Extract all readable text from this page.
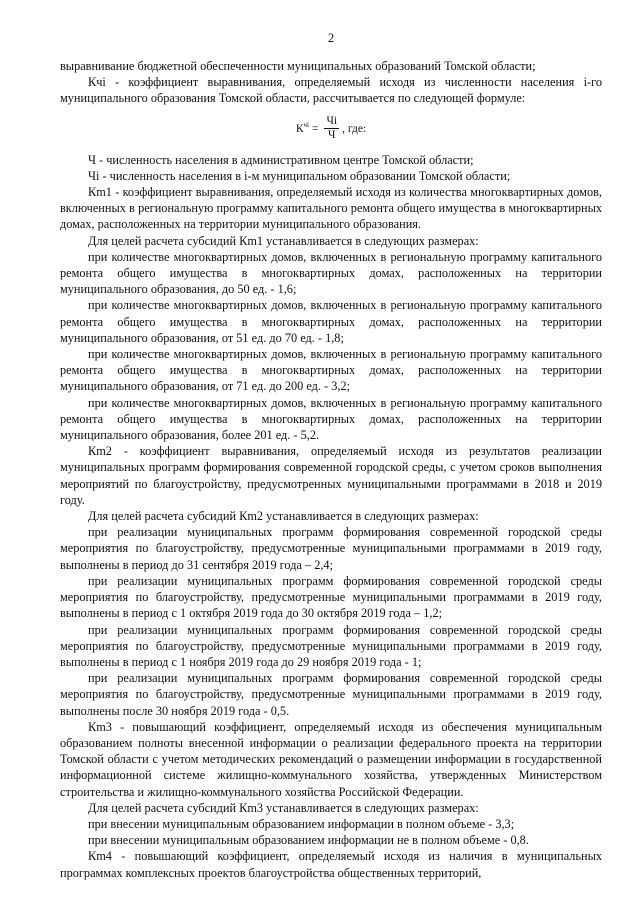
2

выравнивание бюджетной обеспеченности муниципальных образований Томской области;

Кчi - коэффициент выравнивания, определяемый исходя из численности населения i-го муниципального образования Томской области, рассчитывается по следующей формуле:

$К^{чi} = \frac{Чi}{Ч}$ , где:

Ч - численность населения в административном центре Томской области;

Чi - численность населения в i-м муниципальном образовании Томской области;

Кm1 - коэффициент выравнивания, определяемый исходя из количества многоквартирных домов, включенных в региональную программу капитального ремонта общего имущества в многоквартирных домах, расположенных на территории муниципального образования.

Для целей расчета субсидий Кm1 устанавливается в следующих размерах:

при количестве многоквартирных домов, включенных в региональную программу капитального ремонта общего имущества в многоквартирных домах, расположенных на территории муниципального образования, до 50 ед. - 1,6;

при количестве многоквартирных домов, включенных в региональную программу капитального ремонта общего имущества в многоквартирных домах, расположенных на территории муниципального образования, от 51 ед. до 70 ед. - 1,8;

при количестве многоквартирных домов, включенных в региональную программу капитального ремонта общего имущества в многоквартирных домах, расположенных на территории муниципального образования, от 71 ед. до 200 ед. - 3,2;

при количестве многоквартирных домов, включенных в региональную программу капитального ремонта общего имущества в многоквартирных домах, расположенных на территории муниципального образования, более 201 ед. - 5,2.

Кm2 - коэффициент выравнивания, определяемый исходя из результатов реализации муниципальных программ формирования современной городской среды, с учетом сроков выполнения мероприятий по благоустройству, предусмотренных муниципальными программами в 2018 и 2019 году.

Для целей расчета субсидий Кm2 устанавливается в следующих размерах:

при реализации муниципальных программ формирования современной городской среды мероприятия по благоустройству, предусмотренные муниципальными программами в 2019 году, выполнены в период до 31 сентября 2019 года – 2,4;

при реализации муниципальных программ формирования современной городской среды мероприятия по благоустройству, предусмотренные муниципальными программами в 2019 году, выполнены в период с 1 октября 2019 года до 30 октября 2019 года – 1,2;

при реализации муниципальных программ формирования современной городской среды мероприятия по благоустройству, предусмотренные муниципальными программами в 2019 году, выполнены в период с 1 ноября 2019 года до 29 ноября 2019 года - 1;

при реализации муниципальных программ формирования современной городской среды мероприятия по благоустройству, предусмотренные муниципальными программами в 2019 году, выполнены после 30 ноября 2019 года - 0,5.

Кm3 - повышающий коэффициент, определяемый исходя из обеспечения муниципальным образованием полноты внесенной информации о реализации федерального проекта на территории Томской области с учетом методических рекомендаций о размещении информации в государственной информационной системе жилищно-коммунального хозяйства, утвержденных Министерством строительства и жилищно-коммунального хозяйства Российской Федерации.

Для целей расчета субсидий Кm3 устанавливается в следующих размерах:

при внесении муниципальным образованием информации в полном объеме - 3,3;

при внесении муниципальным образованием информации не в полном объеме - 0,8.

Кm4 - повышающий коэффициент, определяемый исходя из наличия в муниципальных программах комплексных проектов благоустройства общественных территорий,
